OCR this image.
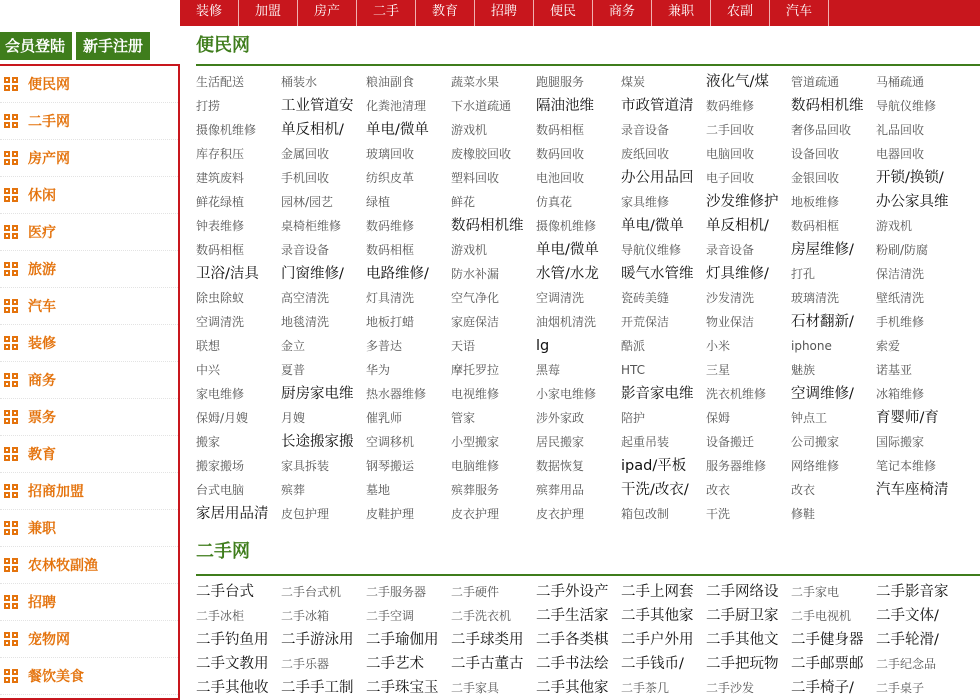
装修	加盟	房产	二手	教育	招聘	便民	商务	兼职	农副	汽车
会员登陆	新手注册
便民网
二手网
房产网
休闲
医疗
旅游
汽车
装修
商务
票务
教育
招商加盟
兼职
农林牧副渔
招聘
宠物网
餐饮美食
便民网
生活配送	桶装水	粮油副食	蔬菜水果	跑腿服务	煤炭	液化气/煤	管道疏通	马桶疏通
打捞	工业管道安	化粪池清理	下水道疏通	隔油池维	市政管道清	数码维修	数码相机维	导航仪维修
摄像机维修	单反相机/	单电/微单	游戏机	数码相框	录音设备	二手回收	奢侈品回收	礼品回收
库存积压	金属回收	玻璃回收	废橡胶回收	数码回收	废纸回收	电脑回收	设备回收	电器回收
建筑废料	手机回收	纺织皮革	塑料回收	电池回收	办公用品回	电子回收	金银回收	开锁/换锁/
鲜花绿植	园林/园艺	绿植	鲜花	仿真花	家具维修	沙发维修护	地板维修	办公家具维
钟表维修	桌椅柜维修	数码维修	数码相机维	摄像机维修	单电/微单	单反相机/	数码相框	游戏机
数码相框	录音设备	数码相框	游戏机	单电/微单	导航仪维修	录音设备	房屋维修/	粉刷/防腐
卫浴/洁具	门窗维修/	电路维修/	防水补漏	水管/水龙	暖气水管维 灯具维修/	打孔	保洁清洗
除虫除蚁	高空清洗	灯具清洗	空气净化	空调清洗	瓷砖美缝	沙发清洗	玻璃清洗	壁纸清洗
空调清洗	地毯清洗	地板打蜡	家庭保洁	油烟机清洗	开荒保洁	物业保洁	石材翻新/	手机维修
联想	金立	多普达	天语	lg	酷派	小米	iphone	索爱
中兴	夏普	华为	摩托罗拉	黑莓	HTC	三星	魅族	诺基亚
家电维修	厨房家电维	热水器维修	电视维修	小家电维修	影音家电维	洗衣机维修	空调维修/	冰箱维修
保姆/月嫂	月嫂	催乳师	管家	涉外家政	陪护	保姆	钟点工	育婴师/育
搬家	长途搬家搬	空调移机	小型搬家	居民搬家	起重吊装	设备搬迁	公司搬家	国际搬家
搬家搬场	家具拆装	钢琴搬运	电脑维修	数据恢复	ipad/平板	服务器维修	网络维修	笔记本维修
台式电脑	殡葬	墓地	殡葬服务	殡葬用品	干洗/改衣/	改衣	改衣	汽车座椅清
家居用品清	皮包护理	皮鞋护理	皮衣护理	皮衣护理	箱包改制	干洗	修鞋
二手网
二手台式	二手台式机	二手服务器	二手硬件	二手外设产 二手上网套 二手网络设	二手家电	二手影音家
二手冰柜	二手冰箱	二手空调	二手洗衣机	二手生活家 二手其他家 二手厨卫家	二手电视机	二手文体/
二手钓鱼用 二手游泳用 二手瑜伽用 二手球类用 二手各类棋 二手户外用 二手其他文 二手健身器 二手轮滑/
二手文教用	二手乐器	二手艺术	二手古董古 二手书法绘 二手钱币/	二手把玩物 二手邮票邮	二手纪念品
二手其他收 二手手工制 二手珠宝玉	二手家具	二手其他家	二手茶几	二手沙发	二手椅子/	二手桌子
